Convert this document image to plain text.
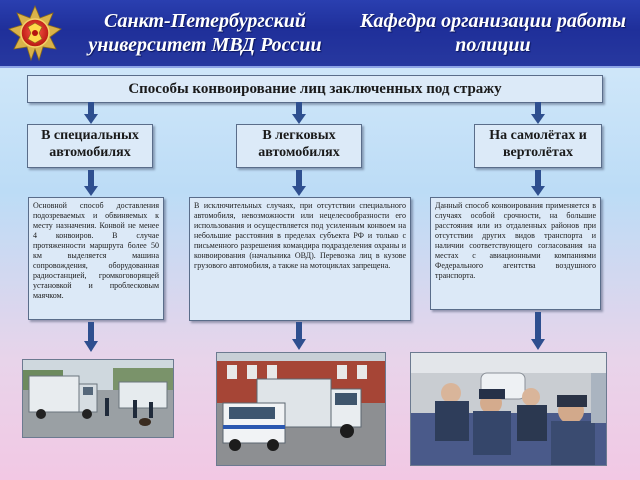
Санкт-Петербургский университет МВД России
Кафедра организации работы полиции
Способы конвоирование лиц заключенных под стражу
В специальных автомобилях
В легковых автомобилях
На самолётах и вертолётах
Основной способ доставления подозреваемых и обвиняемых к месту назначения. Конвой не менее 4 конвоиров. В случае протяженности маршрута более 50 км выделяется машина сопровождения, оборудованная радиостанцией, громкоговорящей установкой и проблесковым маячком.
В исключительных случаях, при отсутствии специального автомобиля, невозможности или нецелесообразности его использования и осуществляется под усиленным конвоем на небольшие расстояния в пределах субъекта РФ и только с письменного разрешения командира подразделения охраны и конвоирования (начальника ОВД). Перевозка лиц в кузове грузового автомобиля, а также на мотоциклах запрещена.
Данный способ конвоирования применяется в случаях особой срочности, на большие расстояния или из отдаленных районов при отсутствии других видов транспорта и наличии соответствующего согласования на местах с авиационными компаниями Федерального агентства воздушного транспорта.
